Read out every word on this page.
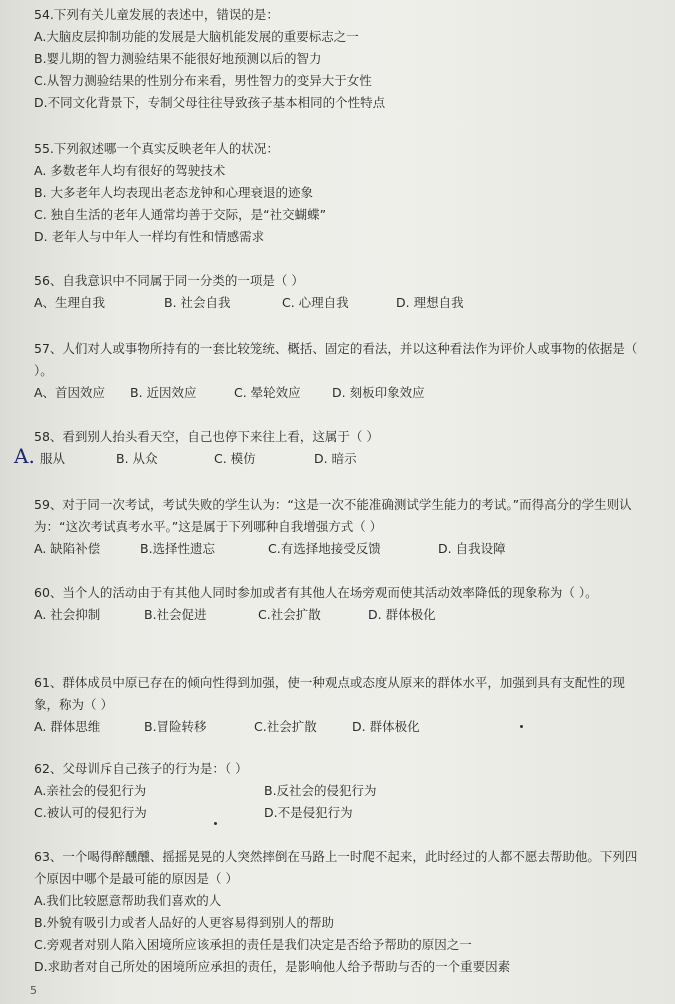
54.下列有关儿童发展的表述中，错误的是：

A.大脑皮层抑制功能的发展是大脑机能发展的重要标志之一

B.婴儿期的智力测验结果不能很好地预测以后的智力

C.从智力测验结果的性别分布来看，男性智力的变异大于女性

D.不同文化背景下，专制父母往往导致孩子基本相同的个性特点

55.下列叙述哪一个真实反映老年人的状况：

A. 多数老年人均有很好的驾驶技术

B. 大多老年人均表现出老态龙钟和心理衰退的迹象

C. 独自生活的老年人通常均善于交际，是“社交蝴蝶”

D. 老年人与中年人一样均有性和情感需求

56、自我意识中不同属于同一分类的一项是（ ）

A、生理自我	B. 社会自我	C. 心理自我	D. 理想自我

57、人们对人或事物所持有的一套比较笼统、概括、固定的看法，并以这种看法作为评价人或事物的依据是（ ）。

A、首因效应	B. 近因效应	C. 晕轮效应	D. 刻板印象效应

58、看到别人抬头看天空，自己也停下来往上看，这属于（ ）

服从	B. 从众	C. 模仿	D. 暗示
A.

59、对于同一次考试，考试失败的学生认为：“这是一次不能准确测试学生能力的考试。”而得高分的学生则认为：“这次考试真考水平。”这是属于下列哪种自我增强方式（ ）

A. 缺陷补偿	B.选择性遗忘	C.有选择地接受反馈	D. 自我设障

60、当个人的活动由于有其他人同时参加或者有其他人在场旁观而使其活动效率降低的现象称为（ ）。

A. 社会抑制	B.社会促进	C.社会扩散	D. 群体极化

61、群体成员中原已存在的倾向性得到加强，使一种观点或态度从原来的群体水平，加强到具有支配性的现象，称为（ ）

A. 群体思维	B.冒险转移	C.社会扩散	D. 群体极化

62、父母训斥自己孩子的行为是：（ ）

A.亲社会的侵犯行为	B.反社会的侵犯行为
C.被认可的侵犯行为	D.不是侵犯行为

63、一个喝得醉醺醺、摇摇晃晃的人突然摔倒在马路上一时爬不起来，此时经过的人都不愿去帮助他。下列四个原因中哪个是最可能的原因是（ ）

A.我们比较愿意帮助我们喜欢的人

B.外貌有吸引力或者人品好的人更容易得到别人的帮助

C.旁观者对别人陷入困境所应该承担的责任是我们决定是否给予帮助的原因之一

D.求助者对自己所处的困境所应承担的责任，是影响他人给予帮助与否的一个重要因素

5
